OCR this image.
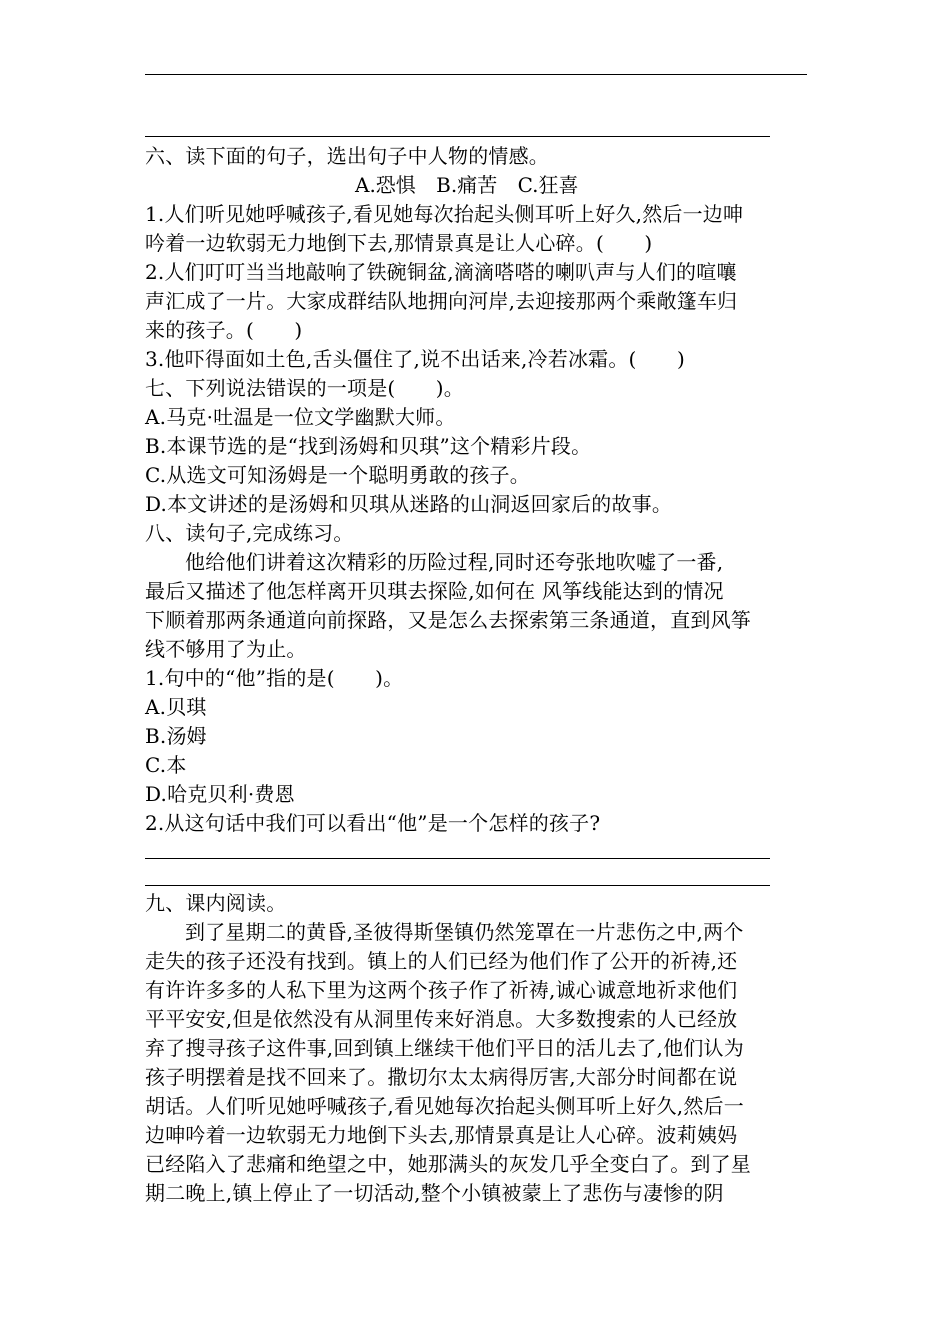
六、读下面的句子，选出句子中人物的情感。
A.恐惧 B.痛苦 C.狂喜
1.人们听见她呼喊孩子,看见她每次抬起头侧耳听上好久,然后一边呻
吟着一边软弱无力地倒下去,那情景真是让人心碎。(　　)
2.人们叮叮当当地敲响了铁碗铜盆,滴滴嗒嗒的喇叭声与人们的喧嚷
声汇成了一片。大家成群结队地拥向河岸,去迎接那两个乘敞篷车归
来的孩子。(　　)
3.他吓得面如土色,舌头僵住了,说不出话来,冷若冰霜。(　　)
七、下列说法错误的一项是(　　)。
A.马克·吐温是一位文学幽默大师。
B.本课节选的是“找到汤姆和贝琪”这个精彩片段。
C.从选文可知汤姆是一个聪明勇敢的孩子。
D.本文讲述的是汤姆和贝琪从迷路的山洞返回家后的故事。
八、读句子,完成练习。
他给他们讲着这次精彩的历险过程,同时还夸张地吹嘘了一番,
最后又描述了他怎样离开贝琪去探险,如何在 风筝线能达到的情况
下顺着那两条通道向前探路，又是怎么去探索第三条通道，直到风筝
线不够用了为止。
1.句中的“他”指的是(　　)。
A.贝琪
B.汤姆
C.本
D.哈克贝利·费恩
2.从这句话中我们可以看出“他”是一个怎样的孩子?
九、课内阅读。
到了星期二的黄昏,圣彼得斯堡镇仍然笼罩在一片悲伤之中,两个
走失的孩子还没有找到。镇上的人们已经为他们作了公开的祈祷,还
有许许多多的人私下里为这两个孩子作了祈祷,诚心诚意地祈求他们
平平安安,但是依然没有从洞里传来好消息。大多数搜索的人已经放
弃了搜寻孩子这件事,回到镇上继续干他们平日的活儿去了,他们认为
孩子明摆着是找不回来了。撒切尔太太病得厉害,大部分时间都在说
胡话。人们听见她呼喊孩子,看见她每次抬起头侧耳听上好久,然后一
边呻吟着一边软弱无力地倒下头去,那情景真是让人心碎。波莉姨妈
已经陷入了悲痛和绝望之中，她那满头的灰发几乎全变白了。到了星
期二晚上,镇上停止了一切活动,整个小镇被蒙上了悲伤与凄惨的阴
